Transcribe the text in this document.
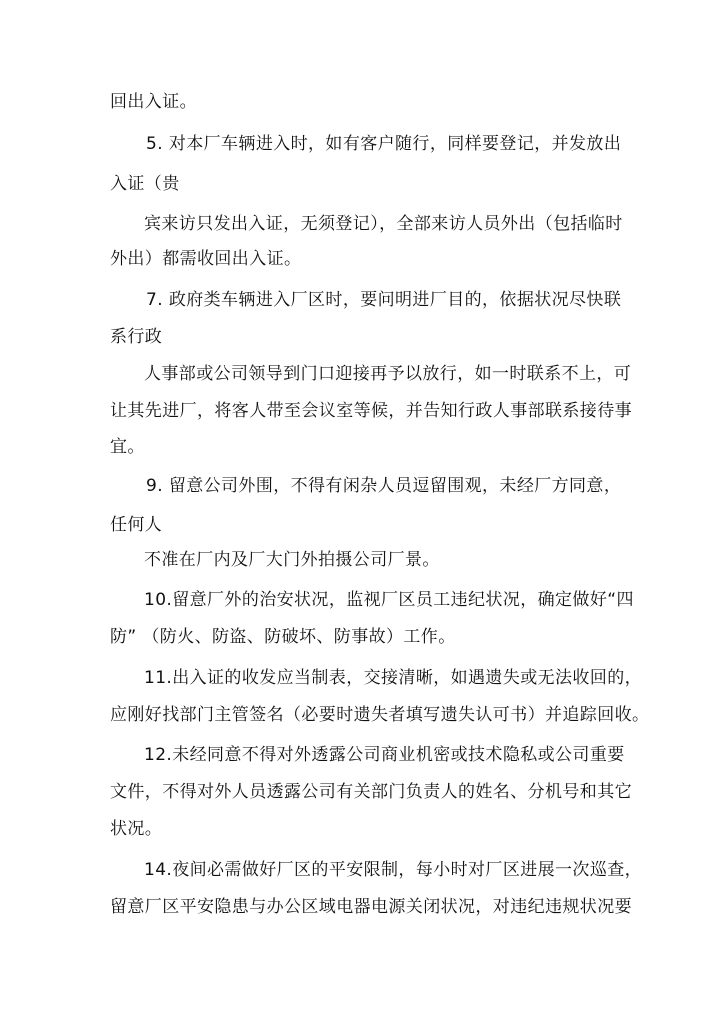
回出入证。
5. 对本厂车辆进入时，如有客户随行，同样要登记，并发放出
入证（贵
宾来访只发出入证，无须登记），全部来访人员外出（包括临时
外出）都需收回出入证。
7. 政府类车辆进入厂区时，要问明进厂目的，依据状况尽快联
系行政
人事部或公司领导到门口迎接再予以放行，如一时联系不上，可
让其先进厂，将客人带至会议室等候，并告知行政人事部联系接待事
宜。
9. 留意公司外围，不得有闲杂人员逗留围观，未经厂方同意，
任何人
不准在厂内及厂大门外拍摄公司厂景。
10.留意厂外的治安状况，监视厂区员工违纪状况，确定做好“四
防” （防火、防盗、防破坏、防事故）工作。
11.出入证的收发应当制表，交接清晰，如遇遗失或无法收回的，
应刚好找部门主管签名（必要时遗失者填写遗失认可书）并追踪回收。
12.未经同意不得对外透露公司商业机密或技术隐私或公司重要
文件，不得对外人员透露公司有关部门负责人的姓名、分机号和其它
状况。
14.夜间必需做好厂区的平安限制，每小时对厂区进展一次巡查，
留意厂区平安隐患与办公区域电器电源关闭状况，对违纪违规状况要
